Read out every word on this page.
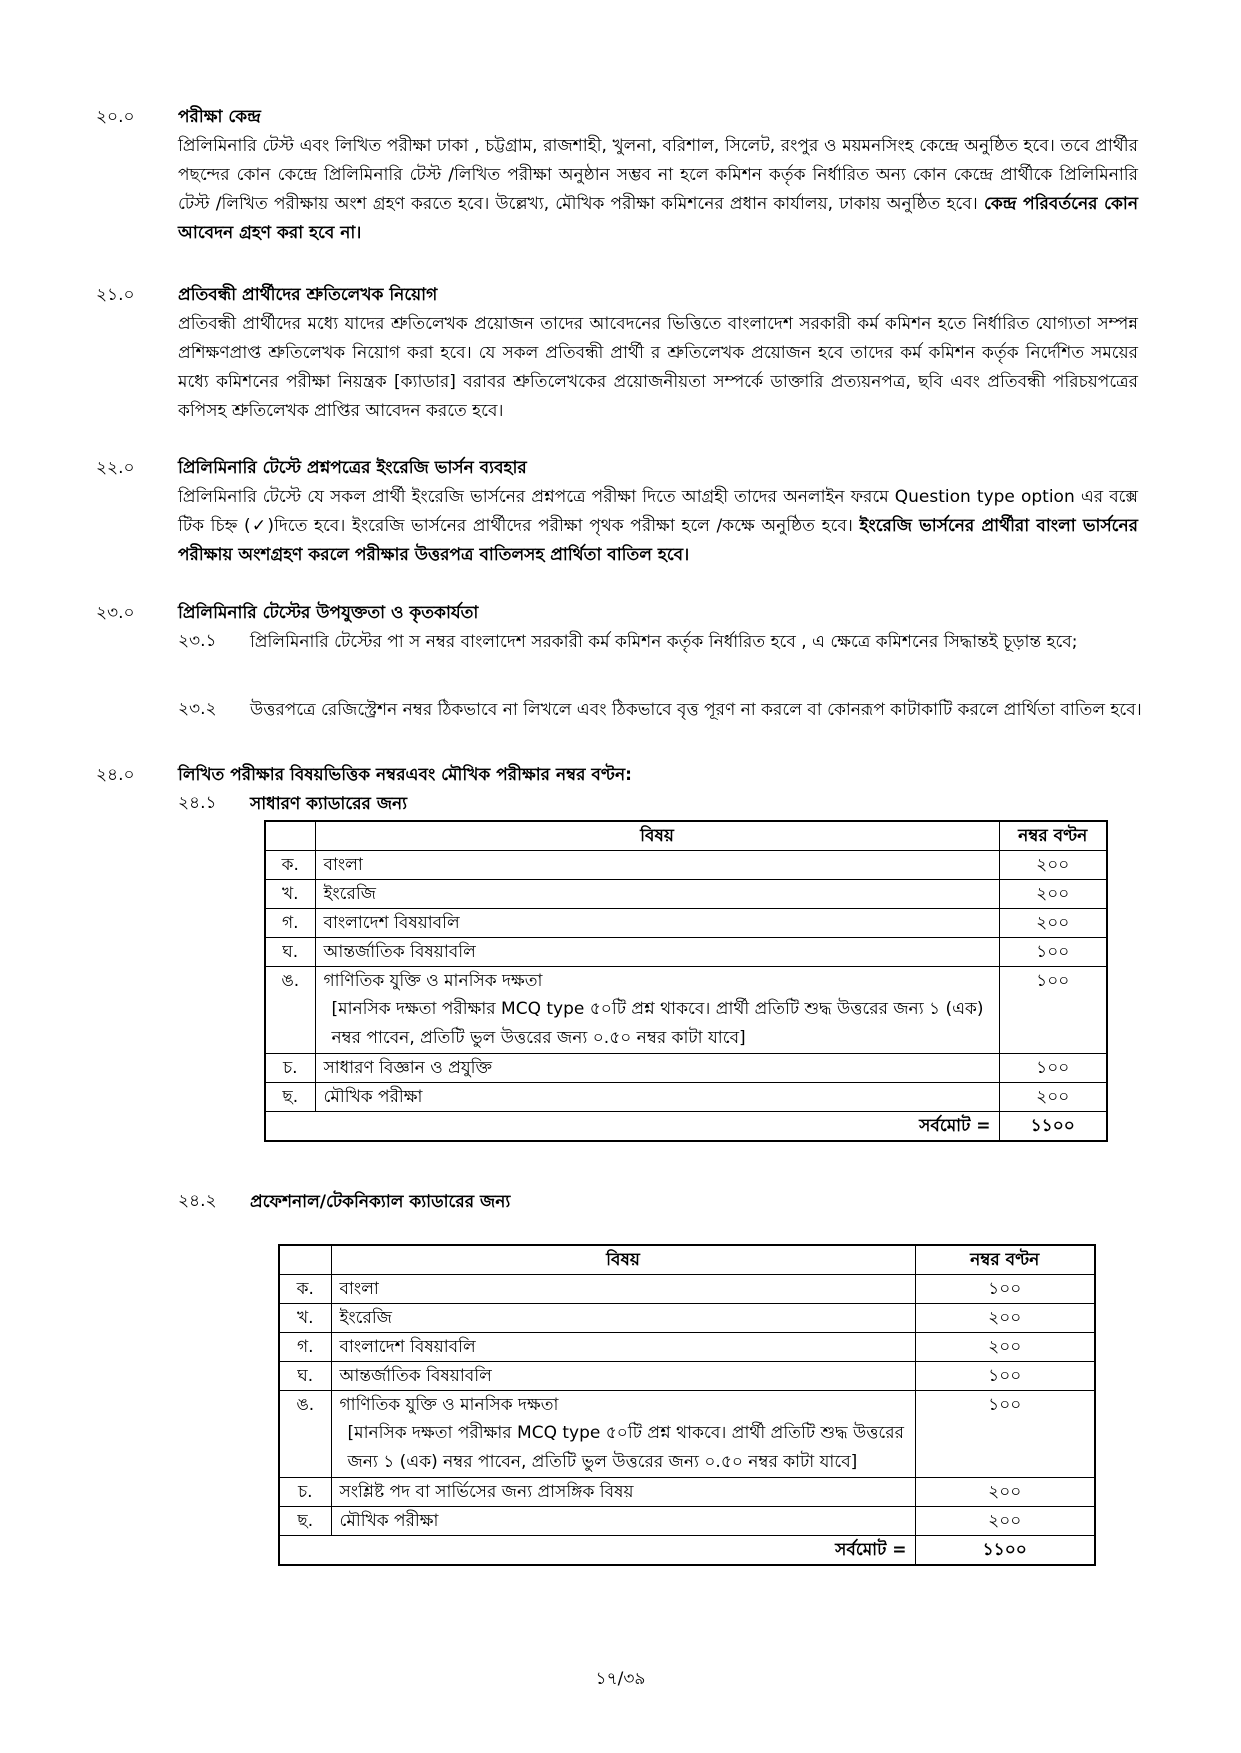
২০.০	পরীক্ষা কেন্দ্র
প্রিলিমিনারি টেস্ট এবং লিখিত পরীক্ষা ঢাকা , চট্টগ্রাম, রাজশাহী, খুলনা, বরিশাল, সিলেট, রংপুর ও ময়মনসিংহ কেন্দ্রে অনুষ্ঠিত হবে। তবে প্রার্থীর পছন্দের কোন কেন্দ্রে প্রিলিমিনারি টেস্ট /লিখিত পরীক্ষা অনুষ্ঠান সম্ভব না হলে কমিশন কর্তৃক নির্ধারিত অন্য কোন কেন্দ্রে প্রার্থীকে প্রিলিমিনারি টেস্ট /লিখিত পরীক্ষায় অংশ গ্রহণ করতে হবে। উল্লেখ্য, মৌখিক পরীক্ষা কমিশনের প্রধান কার্যালয়, ঢাকায় অনুষ্ঠিত হবে। কেন্দ্র পরিবর্তনের কোন আবেদন গ্রহণ করা হবে না।
২১.০	প্রতিবন্ধী প্রার্থীদের শ্রুতিলেখক নিয়োগ
প্রতিবন্ধী প্রার্থীদের মধ্যে যাদের শ্রুতিলেখক প্রয়োজন তাদের আবেদনের ভিত্তিতে বাংলাদেশ সরকারী কর্ম কমিশন হতে নির্ধারিত যোগ্যতা সম্পন্ন প্রশিক্ষণপ্রাপ্ত শ্রুতিলেখক নিয়োগ করা হবে। যে সকল প্রতিবন্ধী প্রার্থী র শ্রুতিলেখক প্রয়োজন হবে তাদের কর্ম কমিশন কর্তৃক নির্দেশিত সময়ের মধ্যে কমিশনের পরীক্ষা নিয়ন্ত্রক [ক্যাডার] বরাবর শ্রুতিলেখকের প্রয়োজনীয়তা সম্পর্কে ডাক্তারি প্রত্যয়নপত্র, ছবি এবং প্রতিবন্ধী পরিচয়পত্রের কপিসহ শ্রুতিলেখক প্রাপ্তির আবেদন করতে হবে।
২২.০	প্রিলিমিনারি টেস্টে প্রশ্নপত্রের ইংরেজি ভার্সন ব্যবহার
প্রিলিমিনারি টেস্টে যে সকল প্রার্থী ইংরেজি ভার্সনের প্রশ্নপত্রে পরীক্ষা দিতে আগ্রহী তাদের অনলাইন ফরমে Question type option এর বক্সে টিক চিহ্ন (✓)দিতে হবে। ইংরেজি ভার্সনের প্রার্থীদের পরীক্ষা পৃথক পরীক্ষা হলে /কক্ষে অনুষ্ঠিত হবে। ইংরেজি ভার্সনের প্রার্থীরা বাংলা ভার্সনের পরীক্ষায় অংশগ্রহণ করলে পরীক্ষার উত্তরপত্র বাতিলসহ প্রার্থিতা বাতিল হবে।
২৩.০	প্রিলিমিনারি টেস্টের উপযুক্ততা ও কৃতকার্যতা
২৩.১ প্রিলিমিনারি টেস্টের পা স নম্বর বাংলাদেশ সরকারী কর্ম কমিশন কর্তৃক নির্ধারিত হবে , এ ক্ষেত্রে কমিশনের সিদ্ধান্তই চূড়ান্ত হবে;
২৩.২ উত্তরপত্রে রেজিস্ট্রেশন নম্বর ঠিকভাবে না লিখলে এবং ঠিকভাবে বৃত্ত পূরণ না করলে বা কোনরূপ কাটাকাটি করলে প্রার্থিতা বাতিল হবে।
২৪.০	লিখিত পরীক্ষার বিষয়ভিত্তিক নম্বরএবং মৌখিক পরীক্ষার নম্বর বণ্টন:
২৪.১ সাধারণ ক্যাডারের জন্য
	বিষয়	নম্বর বণ্টন
ক.	বাংলা	২০০
খ.	ইংরেজি	২০০
গ.	বাংলাদেশ বিষয়াবলি	২০০
ঘ.	আন্তর্জাতিক বিষয়াবলি	১০০
ঙ.	গাণিতিক যুক্তি ও মানসিক দক্ষতা
[মানসিক দক্ষতা পরীক্ষার MCQ type ৫০টি প্রশ্ন থাকবে। প্রার্থী প্রতিটি শুদ্ধ উত্তরের জন্য ১ (এক) নম্বর পাবেন, প্রতিটি ভুল উত্তরের জন্য ০.৫০ নম্বর কাটা যাবে]	১০০
চ.	সাধারণ বিজ্ঞান ও প্রযুক্তি	১০০
ছ.	মৌখিক পরীক্ষা	২০০
সর্বমোট =		১১০০
২৪.২ প্রফেশনাল/টেকনিক্যাল ক্যাডারের জন্য
	বিষয়	নম্বর বণ্টন
ক.	বাংলা	১০০
খ.	ইংরেজি	২০০
গ.	বাংলাদেশ বিষয়াবলি	২০০
ঘ.	আন্তর্জাতিক বিষয়াবলি	১০০
ঙ.	গাণিতিক যুক্তি ও মানসিক দক্ষতা
[মানসিক দক্ষতা পরীক্ষার MCQ type ৫০টি প্রশ্ন থাকবে। প্রার্থী প্রতিটি শুদ্ধ উত্তরের জন্য ১ (এক) নম্বর পাবেন, প্রতিটি ভুল উত্তরের জন্য ০.৫০ নম্বর কাটা যাবে]	১০০
চ.	সংশ্লিষ্ট পদ বা সার্ভিসের জন্য প্রাসঙ্গিক বিষয়	২০০
ছ.	মৌখিক পরীক্ষা	২০০
সর্বমোট =		১১০০
১৭/৩৯
